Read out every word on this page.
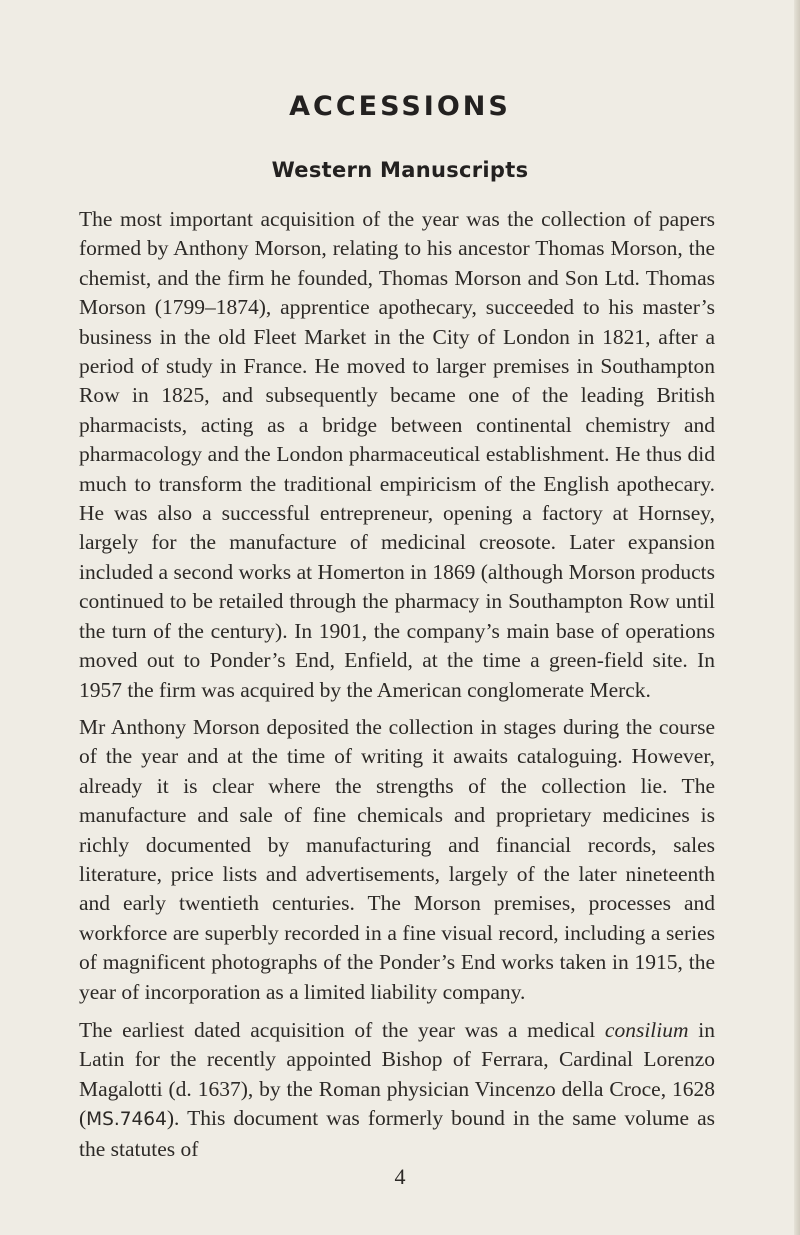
ACCESSIONS
Western Manuscripts

The most important acquisition of the year was the collection of papers formed by Anthony Morson, relating to his ancestor Thomas Morson, the chemist, and the firm he founded, Thomas Morson and Son Ltd. Thomas Morson (1799–1874), apprentice apothecary, succeeded to his master’s business in the old Fleet Market in the City of London in 1821, after a period of study in France. He moved to larger premises in Southampton Row in 1825, and subsequently became one of the leading British pharmacists, acting as a bridge between continental chemistry and pharmacology and the London pharmaceutical establishment. He thus did much to transform the traditional empiricism of the English apothecary. He was also a successful entrepreneur, opening a factory at Hornsey, largely for the manufacture of medicinal creosote. Later expansion included a second works at Homerton in 1869 (although Morson products continued to be retailed through the pharmacy in Southampton Row until the turn of the century). In 1901, the company’s main base of operations moved out to Ponder’s End, Enfield, at the time a green-field site. In 1957 the firm was acquired by the American conglomerate Merck.

Mr Anthony Morson deposited the collection in stages during the course of the year and at the time of writing it awaits cataloguing. However, already it is clear where the strengths of the collection lie. The manufacture and sale of fine chemicals and proprietary medicines is richly documented by manufacturing and financial records, sales literature, price lists and advertisements, largely of the later nineteenth and early twentieth centuries. The Morson premises, processes and workforce are superbly recorded in a fine visual record, including a series of magnificent photographs of the Ponder’s End works taken in 1915, the year of incorporation as a limited liability company.

The earliest dated acquisition of the year was a medical consilium in Latin for the recently appointed Bishop of Ferrara, Cardinal Lorenzo Magalotti (d. 1637), by the Roman physician Vincenzo della Croce, 1628 (MS.7464). This document was formerly bound in the same volume as the statutes of

4
